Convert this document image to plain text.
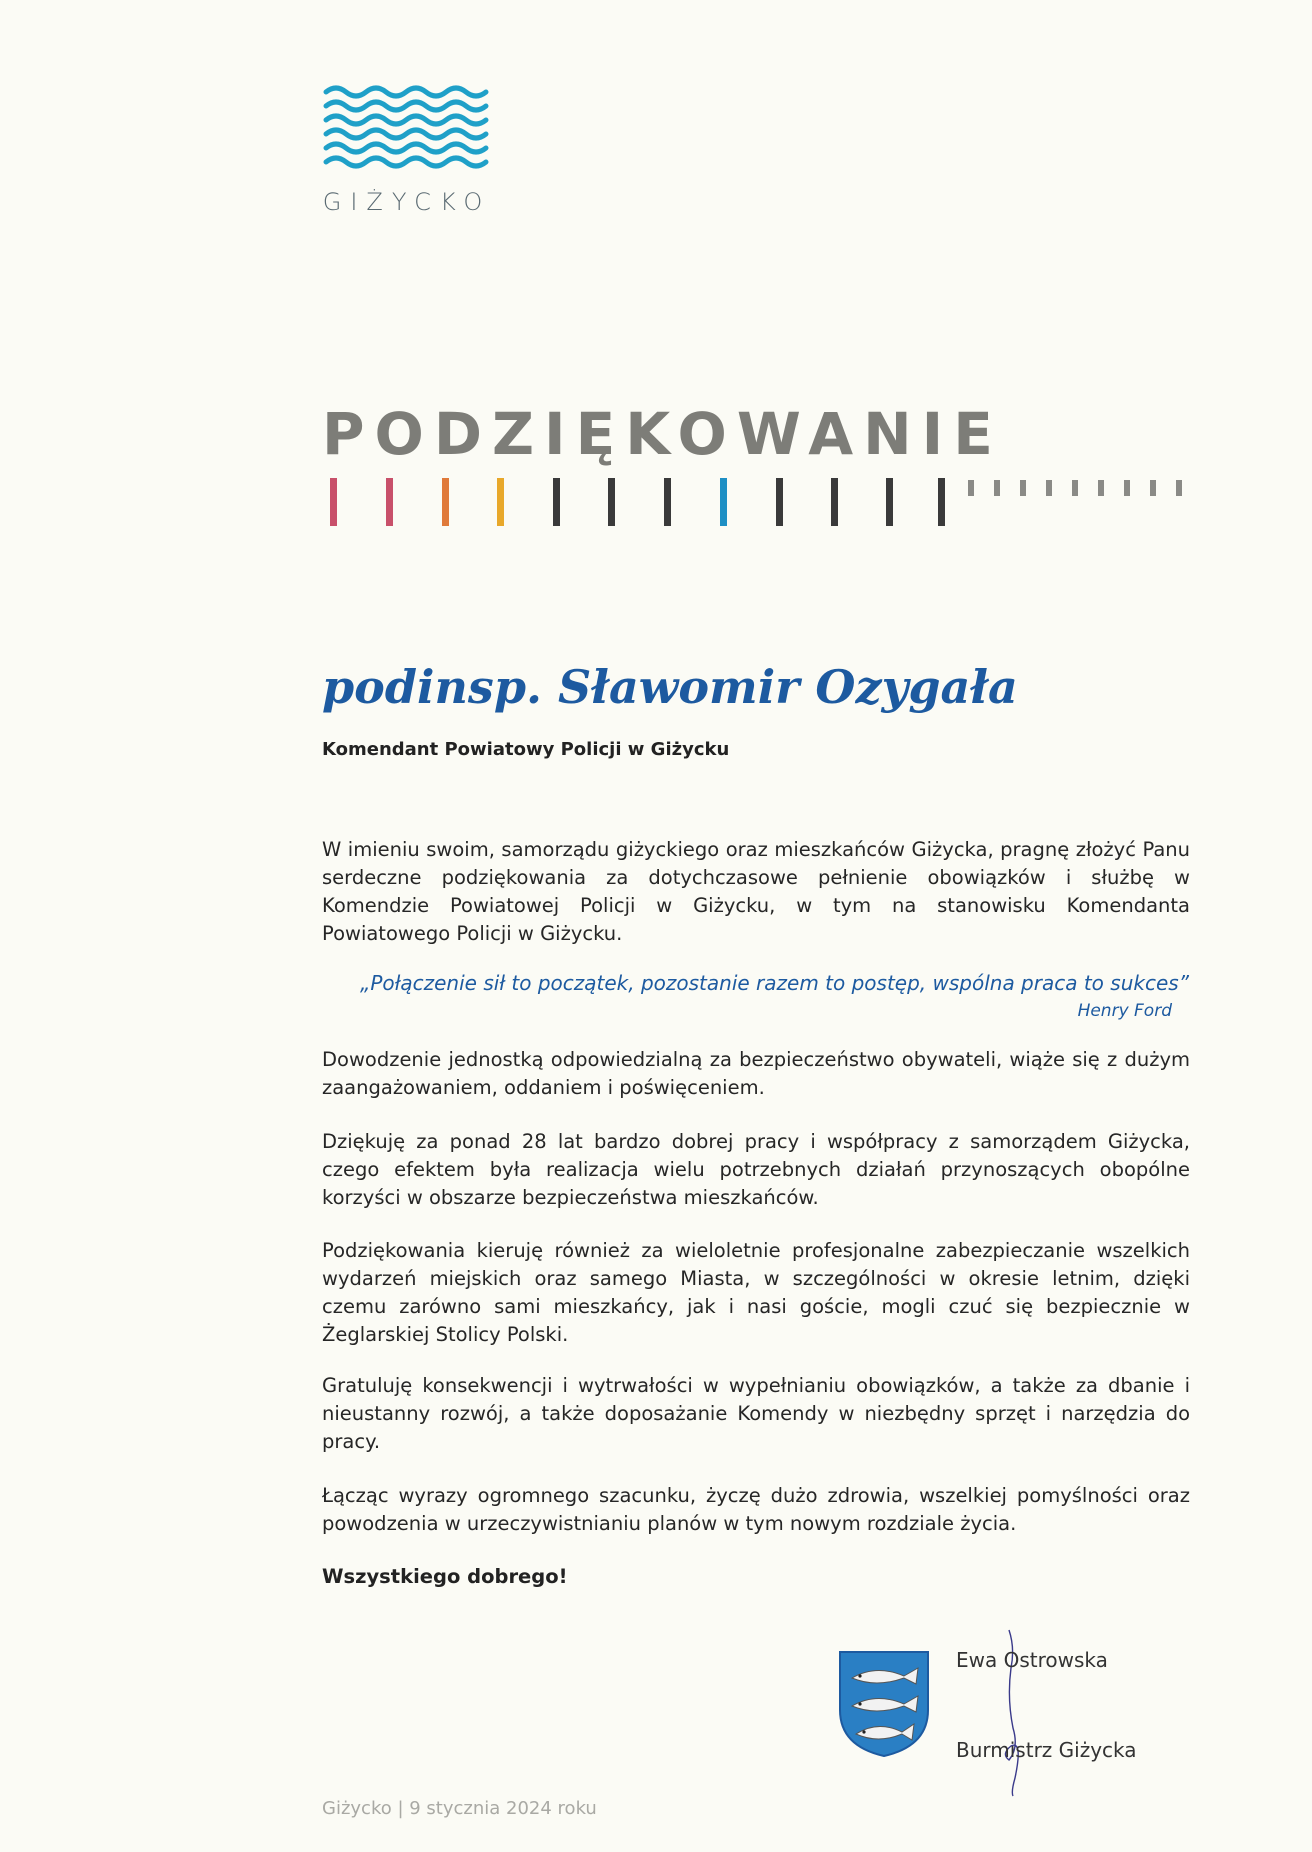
GIŻYCKO
PODZIĘKOWANIE
podinsp. Sławomir Ozygała
Komendant Powiatowy Policji w Giżycku
W imieniu swoim, samorządu giżyckiego oraz mieszkańców Giżycka, pragnę złożyć Panu serdeczne podziękowania za dotychczasowe pełnienie obowiązków i służbę w Komendzie Powiatowej Policji w Giżycku, w tym na stanowisku Komendanta Powiatowego Policji w Giżycku.
„Połączenie sił to początek, pozostanie razem to postęp, wspólna praca to sukces”
Henry Ford
Dowodzenie jednostką odpowiedzialną za bezpieczeństwo obywateli, wiąże się z dużym zaangażowaniem, oddaniem i poświęceniem.
Dziękuję za ponad 28 lat bardzo dobrej pracy i współpracy z samorządem Giżycka, czego efektem była realizacja wielu potrzebnych działań przynoszących obopólne korzyści w obszarze bezpieczeństwa mieszkańców.
Podziękowania kieruję również za wieloletnie profesjonalne zabezpieczanie wszelkich wydarzeń miejskich oraz samego Miasta, w szczególności w okresie letnim, dzięki czemu zarówno sami mieszkańcy, jak i nasi goście, mogli czuć się bezpiecznie w Żeglarskiej Stolicy Polski.
Gratuluję konsekwencji i wytrwałości w wypełnianiu obowiązków, a także za dbanie i nieustanny rozwój, a także doposażanie Komendy w niezbędny sprzęt i narzędzia do pracy.
Łącząc wyrazy ogromnego szacunku, życzę dużo zdrowia, wszelkiej pomyślności oraz powodzenia w urzeczywistnianiu planów w tym nowym rozdziale życia.
Wszystkiego dobrego!
Ewa Ostrowska
Burmistrz Giżycka
Giżycko | 9 stycznia 2024 roku
